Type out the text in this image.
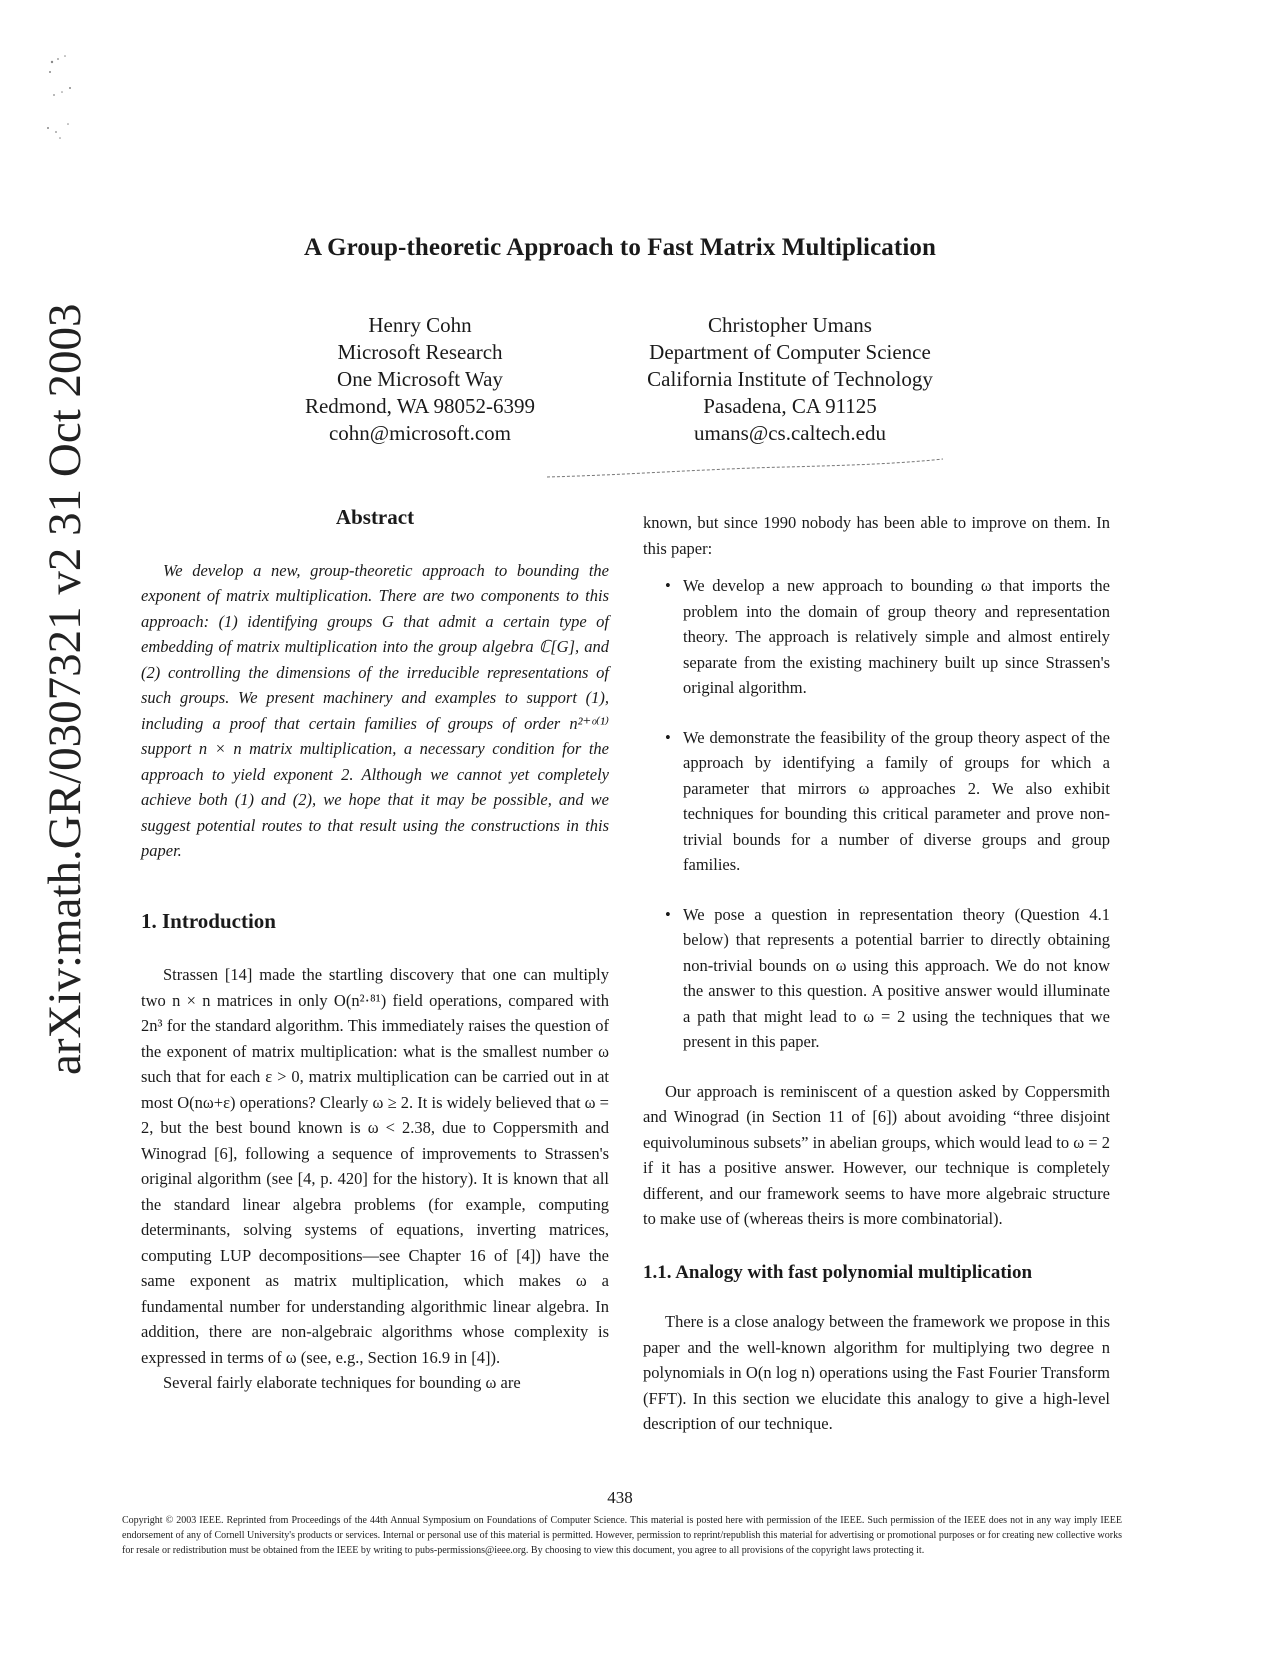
arXiv:math.GR/0307321 v2 31 Oct 2003
A Group-theoretic Approach to Fast Matrix Multiplication
Henry Cohn
Microsoft Research
One Microsoft Way
Redmond, WA 98052-6399
cohn@microsoft.com
Christopher Umans
Department of Computer Science
California Institute of Technology
Pasadena, CA 91125
umans@cs.caltech.edu
Abstract

We develop a new, group-theoretic approach to bounding the exponent of matrix multiplication. There are two components to this approach: (1) identifying groups G that admit a certain type of embedding of matrix multiplication into the group algebra ℂ[G], and (2) controlling the dimensions of the irreducible representations of such groups. We present machinery and examples to support (1), including a proof that certain families of groups of order n²⁺ᵒ⁽¹⁾ support n × n matrix multiplication, a necessary condition for the approach to yield exponent 2. Although we cannot yet completely achieve both (1) and (2), we hope that it may be possible, and we suggest potential routes to that result using the constructions in this paper.

1. Introduction

Strassen [14] made the startling discovery that one can multiply two n × n matrices in only O(n²·⁸¹) field operations, compared with 2n³ for the standard algorithm. This immediately raises the question of the exponent of matrix multiplication: what is the smallest number ω such that for each ε > 0, matrix multiplication can be carried out in at most O(nω+ε) operations? Clearly ω ≥ 2. It is widely believed that ω = 2, but the best bound known is ω < 2.38, due to Coppersmith and Winograd [6], following a sequence of improvements to Strassen's original algorithm (see [4, p. 420] for the history). It is known that all the standard linear algebra problems (for example, computing determinants, solving systems of equations, inverting matrices, computing LUP decompositions—see Chapter 16 of [4]) have the same exponent as matrix multiplication, which makes ω a fundamental number for understanding algorithmic linear algebra. In addition, there are non-algebraic algorithms whose complexity is expressed in terms of ω (see, e.g., Section 16.9 in [4]).

Several fairly elaborate techniques for bounding ω are

known, but since 1990 nobody has been able to improve on them. In this paper:

• We develop a new approach to bounding ω that imports the problem into the domain of group theory and representation theory. The approach is relatively simple and almost entirely separate from the existing machinery built up since Strassen's original algorithm.
• We demonstrate the feasibility of the group theory aspect of the approach by identifying a family of groups for which a parameter that mirrors ω approaches 2. We also exhibit techniques for bounding this critical parameter and prove non-trivial bounds for a number of diverse groups and group families.
• We pose a question in representation theory (Question 4.1 below) that represents a potential barrier to directly obtaining non-trivial bounds on ω using this approach. We do not know the answer to this question. A positive answer would illuminate a path that might lead to ω = 2 using the techniques that we present in this paper.

Our approach is reminiscent of a question asked by Coppersmith and Winograd (in Section 11 of [6]) about avoiding “three disjoint equivoluminous subsets” in abelian groups, which would lead to ω = 2 if it has a positive answer. However, our technique is completely different, and our framework seems to have more algebraic structure to make use of (whereas theirs is more combinatorial).

1.1. Analogy with fast polynomial multiplication

There is a close analogy between the framework we propose in this paper and the well-known algorithm for multiplying two degree n polynomials in O(n log n) operations using the Fast Fourier Transform (FFT). In this section we elucidate this analogy to give a high-level description of our technique.

438
Copyright © 2003 IEEE. Reprinted from Proceedings of the 44th Annual Symposium on Foundations of Computer Science. This material is posted here with permission of the IEEE. Such permission of the IEEE does not in any way imply IEEE endorsement of any of Cornell University's products or services. Internal or personal use of this material is permitted. However, permission to reprint/republish this material for advertising or promotional purposes or for creating new collective works for resale or redistribution must be obtained from the IEEE by writing to pubs-permissions@ieee.org. By choosing to view this document, you agree to all provisions of the copyright laws protecting it.
